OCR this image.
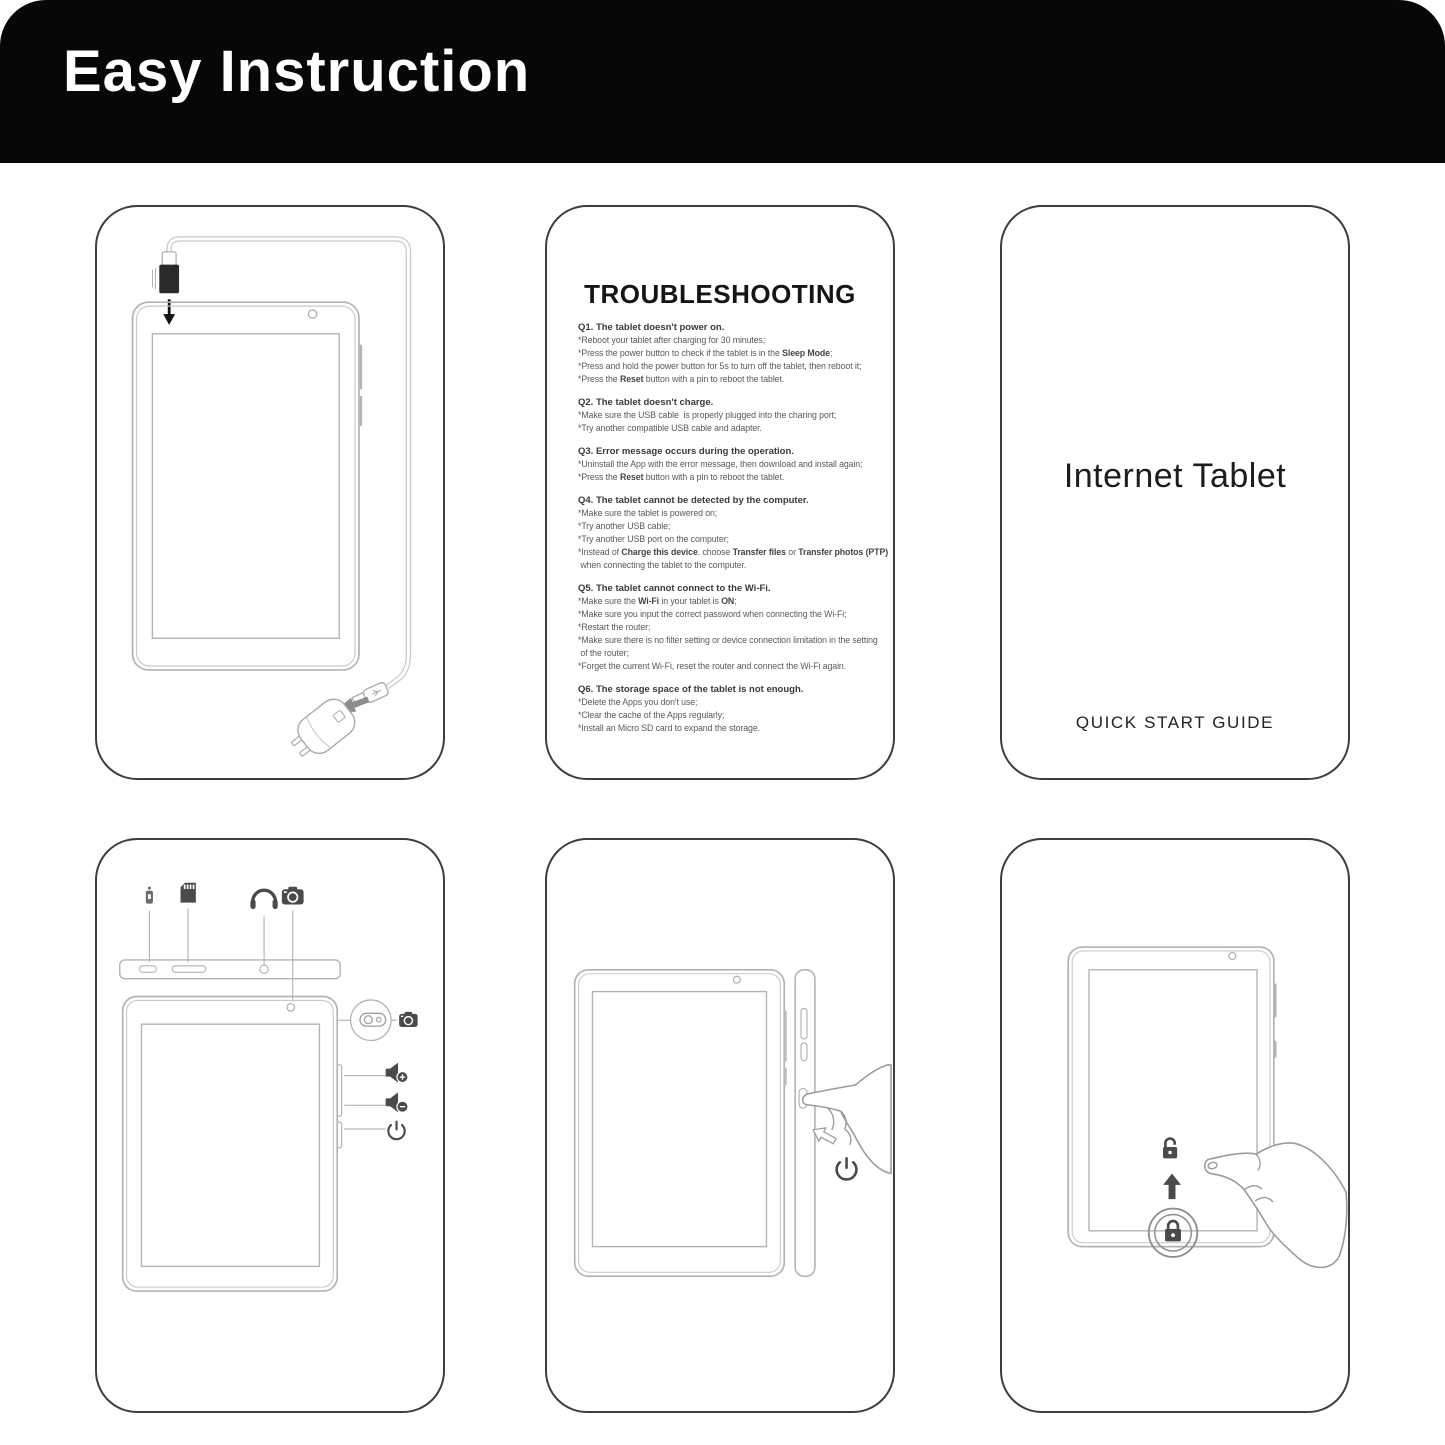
Easy Instruction
TROUBLESHOOTING
Q1. The tablet doesn't power on.
*Reboot your tablet after charging for 30 minutes;
*Press the power button to check if the tablet is in the Sleep Mode;
*Press and hold the power button for 5s to turn off the tablet, then reboot it;
*Press the Reset button with a pin to reboot the tablet.
Q2. The tablet doesn't charge.
*Make sure the USB cable  is properly plugged into the charing port;
*Try another compatible USB cable and adapter.
Q3. Error message occurs during the operation.
*Uninstall the App with the error message, then download and install again;
*Press the Reset button with a pin to reboot the tablet.
Q4. The tablet cannot be detected by the computer.
*Make sure the tablet is powered on;
*Try another USB cable;
*Try another USB port on the computer;
*Instead of Charge this device. choose Transfer files or Transfer photos (PTP)
when connecting the tablet to the computer.
Q5. The tablet cannot connect to the Wi-Fi.
*Make sure the Wi-Fi in your tablet is ON;
*Make sure you input the correct password when connecting the Wi-Fi;
*Restart the router;
*Make sure there is no filter setting or device connection limitation in the setting
of the router;
*Forget the current Wi-Fi, reset the router and connect the Wi-Fi again.
Q6. The storage space of the tablet is not enough.
*Delete the Apps you don't use;
*Clear the cache of the Apps regularly;
*Install an Micro SD card to expand the storage.
Internet Tablet
QUICK START GUIDE
